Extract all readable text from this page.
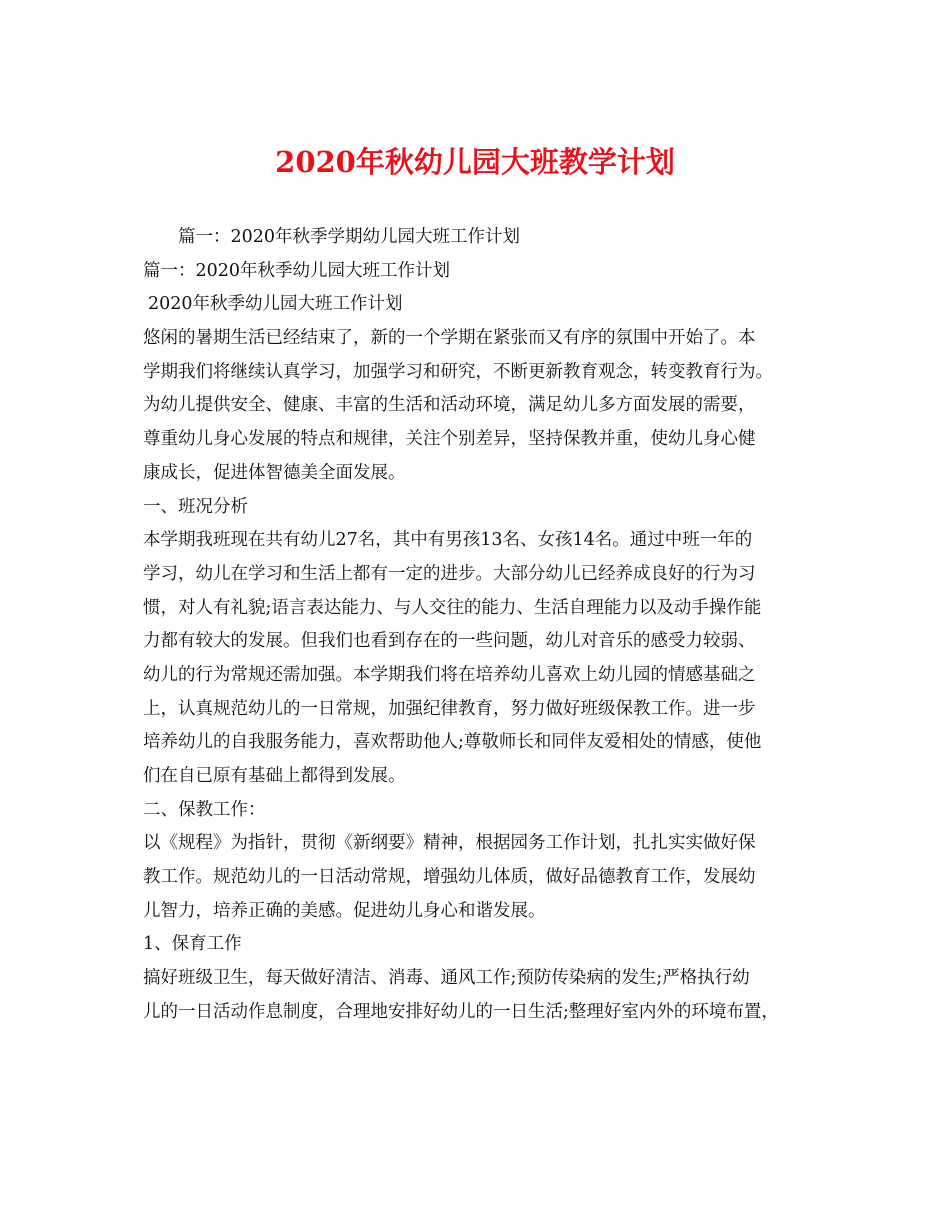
2020年秋幼儿园大班教学计划
篇一：2020年秋季学期幼儿园大班工作计划
篇一：2020年秋季幼儿园大班工作计划
2020年秋季幼儿园大班工作计划
悠闲的暑期生活已经结束了，新的一个学期在紧张而又有序的氛围中开始了。本
学期我们将继续认真学习，加强学习和研究，不断更新教育观念，转变教育行为。
为幼儿提供安全、健康、丰富的生活和活动环境，满足幼儿多方面发展的需要，
尊重幼儿身心发展的特点和规律，关注个别差异，坚持保教并重，使幼儿身心健
康成长，促进体智德美全面发展。
一、班况分析
本学期我班现在共有幼儿27名，其中有男孩13名、女孩14名。通过中班一年的
学习，幼儿在学习和生活上都有一定的进步。大部分幼儿已经养成良好的行为习
惯，对人有礼貌;语言表达能力、与人交往的能力、生活自理能力以及动手操作能
力都有较大的发展。但我们也看到存在的一些问题，幼儿对音乐的感受力较弱、
幼儿的行为常规还需加强。本学期我们将在培养幼儿喜欢上幼儿园的情感基础之
上，认真规范幼儿的一日常规，加强纪律教育，努力做好班级保教工作。进一步
培养幼儿的自我服务能力，喜欢帮助他人;尊敬师长和同伴友爱相处的情感，使他
们在自已原有基础上都得到发展。
二、保教工作：
以《规程》为指针，贯彻《新纲要》精神，根据园务工作计划，扎扎实实做好保
教工作。规范幼儿的一日活动常规，增强幼儿体质，做好品德教育工作，发展幼
儿智力，培养正确的美感。促进幼儿身心和谐发展。
1、保育工作
搞好班级卫生，每天做好清洁、消毒、通风工作;预防传染病的发生;严格执行幼
儿的一日活动作息制度，合理地安排好幼儿的一日生活;整理好室内外的环境布置，
